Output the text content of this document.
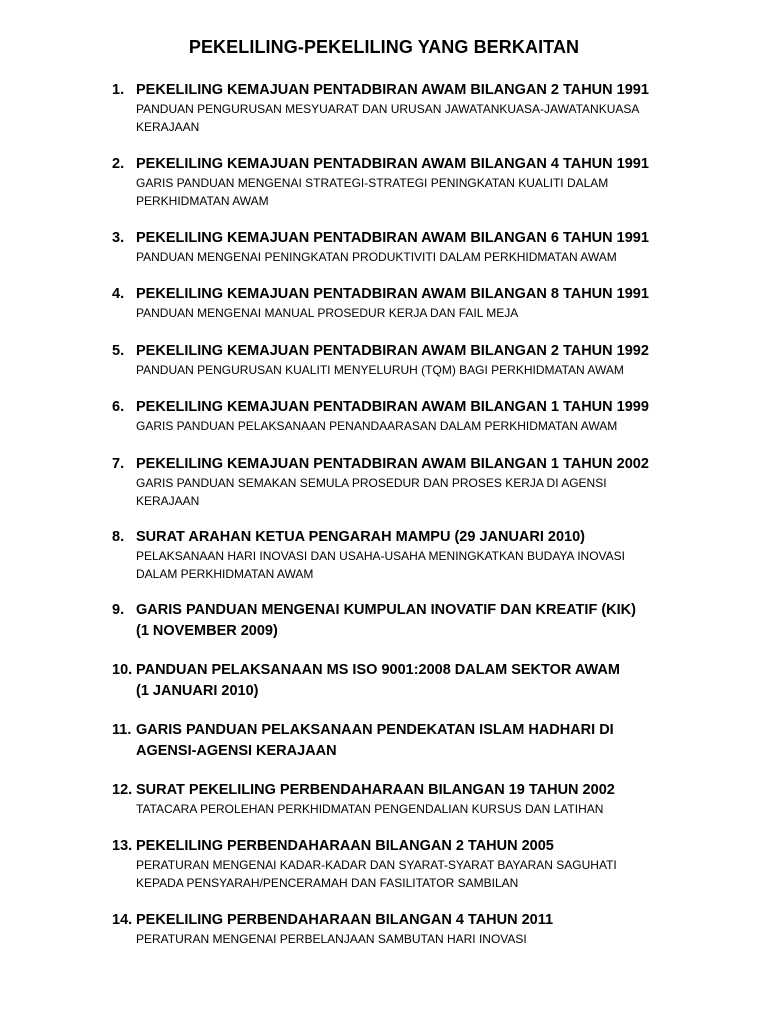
PEKELILING-PEKELILING YANG BERKAITAN
1. PEKELILING KEMAJUAN PENTADBIRAN AWAM BILANGAN 2 TAHUN 1991
PANDUAN PENGURUSAN MESYUARAT DAN URUSAN JAWATANKUASA-JAWATANKUASA
KERAJAAN
2. PEKELILING KEMAJUAN PENTADBIRAN AWAM BILANGAN 4 TAHUN 1991
GARIS PANDUAN MENGENAI STRATEGI-STRATEGI PENINGKATAN KUALITI DALAM
PERKHIDMATAN AWAM
3. PEKELILING KEMAJUAN PENTADBIRAN AWAM BILANGAN 6 TAHUN 1991
PANDUAN MENGENAI PENINGKATAN PRODUKTIVITI DALAM PERKHIDMATAN AWAM
4. PEKELILING KEMAJUAN PENTADBIRAN AWAM BILANGAN 8 TAHUN 1991
PANDUAN MENGENAI MANUAL PROSEDUR KERJA DAN FAIL MEJA
5. PEKELILING KEMAJUAN PENTADBIRAN AWAM BILANGAN 2 TAHUN 1992
PANDUAN PENGURUSAN KUALITI MENYELURUH (TQM) BAGI PERKHIDMATAN AWAM
6. PEKELILING KEMAJUAN PENTADBIRAN AWAM BILANGAN 1 TAHUN 1999
GARIS PANDUAN PELAKSANAAN PENANDAARASAN DALAM PERKHIDMATAN AWAM
7. PEKELILING KEMAJUAN PENTADBIRAN AWAM BILANGAN 1 TAHUN 2002
GARIS PANDUAN SEMAKAN SEMULA PROSEDUR DAN PROSES KERJA DI AGENSI
KERAJAAN
8. SURAT ARAHAN KETUA PENGARAH MAMPU (29 JANUARI 2010)
PELAKSANAAN HARI INOVASI DAN USAHA-USAHA MENINGKATKAN BUDAYA INOVASI
DALAM PERKHIDMATAN AWAM
9. GARIS PANDUAN MENGENAI KUMPULAN INOVATIF DAN KREATIF (KIK)
(1 NOVEMBER 2009)
10. PANDUAN PELAKSANAAN MS ISO 9001:2008 DALAM SEKTOR AWAM
(1 JANUARI 2010)
11. GARIS PANDUAN PELAKSANAAN PENDEKATAN ISLAM HADHARI DI
AGENSI-AGENSI KERAJAAN
12. SURAT PEKELILING PERBENDAHARAAN BILANGAN 19 TAHUN 2002
TATACARA PEROLEHAN PERKHIDMATAN PENGENDALIAN KURSUS DAN LATIHAN
13. PEKELILING PERBENDAHARAAN BILANGAN 2 TAHUN 2005
PERATURAN MENGENAI KADAR-KADAR DAN SYARAT-SYARAT BAYARAN SAGUHATI
KEPADA PENSYARAH/PENCERAMAH DAN FASILITATOR SAMBILAN
14. PEKELILING PERBENDAHARAAN BILANGAN 4 TAHUN 2011
PERATURAN MENGENAI PERBELANJAAN SAMBUTAN HARI INOVASI
